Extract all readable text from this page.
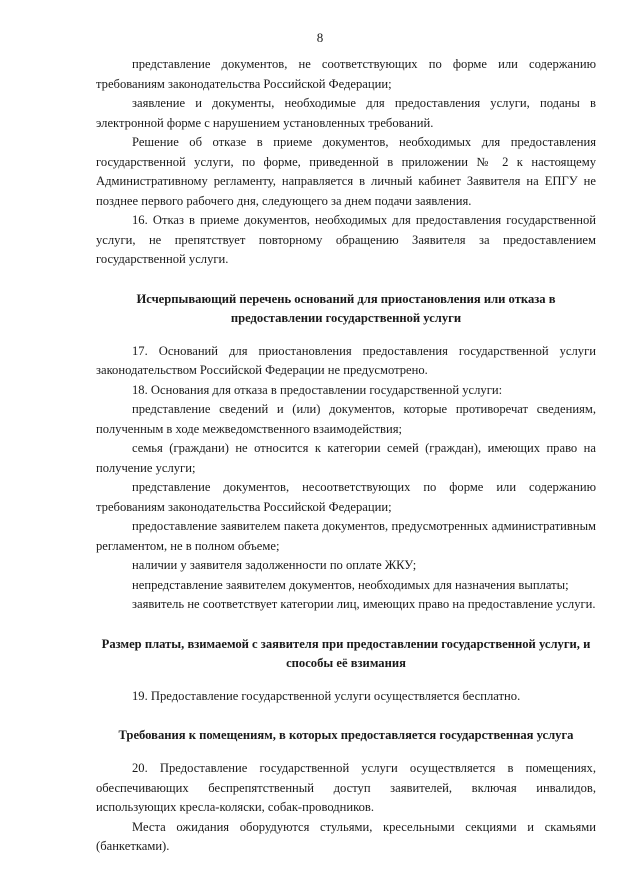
8

представление документов, не соответствующих по форме или содержанию требованиям законодательства Российской Федерации;

заявление и документы, необходимые для предоставления услуги, поданы в электронной форме с нарушением установленных требований.

Решение об отказе в приеме документов, необходимых для предоставления государственной услуги, по форме, приведенной в приложении № 2 к настоящему Административному регламенту, направляется в личный кабинет Заявителя на ЕПГУ не позднее первого рабочего дня, следующего за днем подачи заявления.

16. Отказ в приеме документов, необходимых для предоставления государственной услуги, не препятствует повторному обращению Заявителя за предоставлением государственной услуги.

Исчерпывающий перечень оснований для приостановления или отказа в предоставлении государственной услуги

17. Оснований для приостановления предоставления государственной услуги законодательством Российской Федерации не предусмотрено.

18. Основания для отказа в предоставлении государственной услуги:

представление сведений и (или) документов, которые противоречат сведениям, полученным в ходе межведомственного взаимодействия;

семья (граждани) не относится к категории семей (граждан), имеющих право на получение услуги;

представление документов, несоответствующих по форме или содержанию требованиям законодательства Российской Федерации;

предоставление заявителем пакета документов, предусмотренных административным регламентом, не в полном объеме;

наличии у заявителя задолженности по оплате ЖКУ;

непредставление заявителем документов, необходимых для назначения выплаты;

заявитель не соответствует категории лиц, имеющих право на предоставление услуги.

Размер платы, взимаемой с заявителя при предоставлении государственной услуги, и способы её взимания

19. Предоставление государственной услуги осуществляется бесплатно.

Требования к помещениям, в которых предоставляется государственная услуга

20. Предоставление государственной услуги осуществляется в помещениях, обеспечивающих беспрепятственный доступ заявителей, включая инвалидов, использующих кресла-коляски, собак-проводников.

Места ожидания оборудуются стульями, кресельными секциями и скамьями (банкетками).
